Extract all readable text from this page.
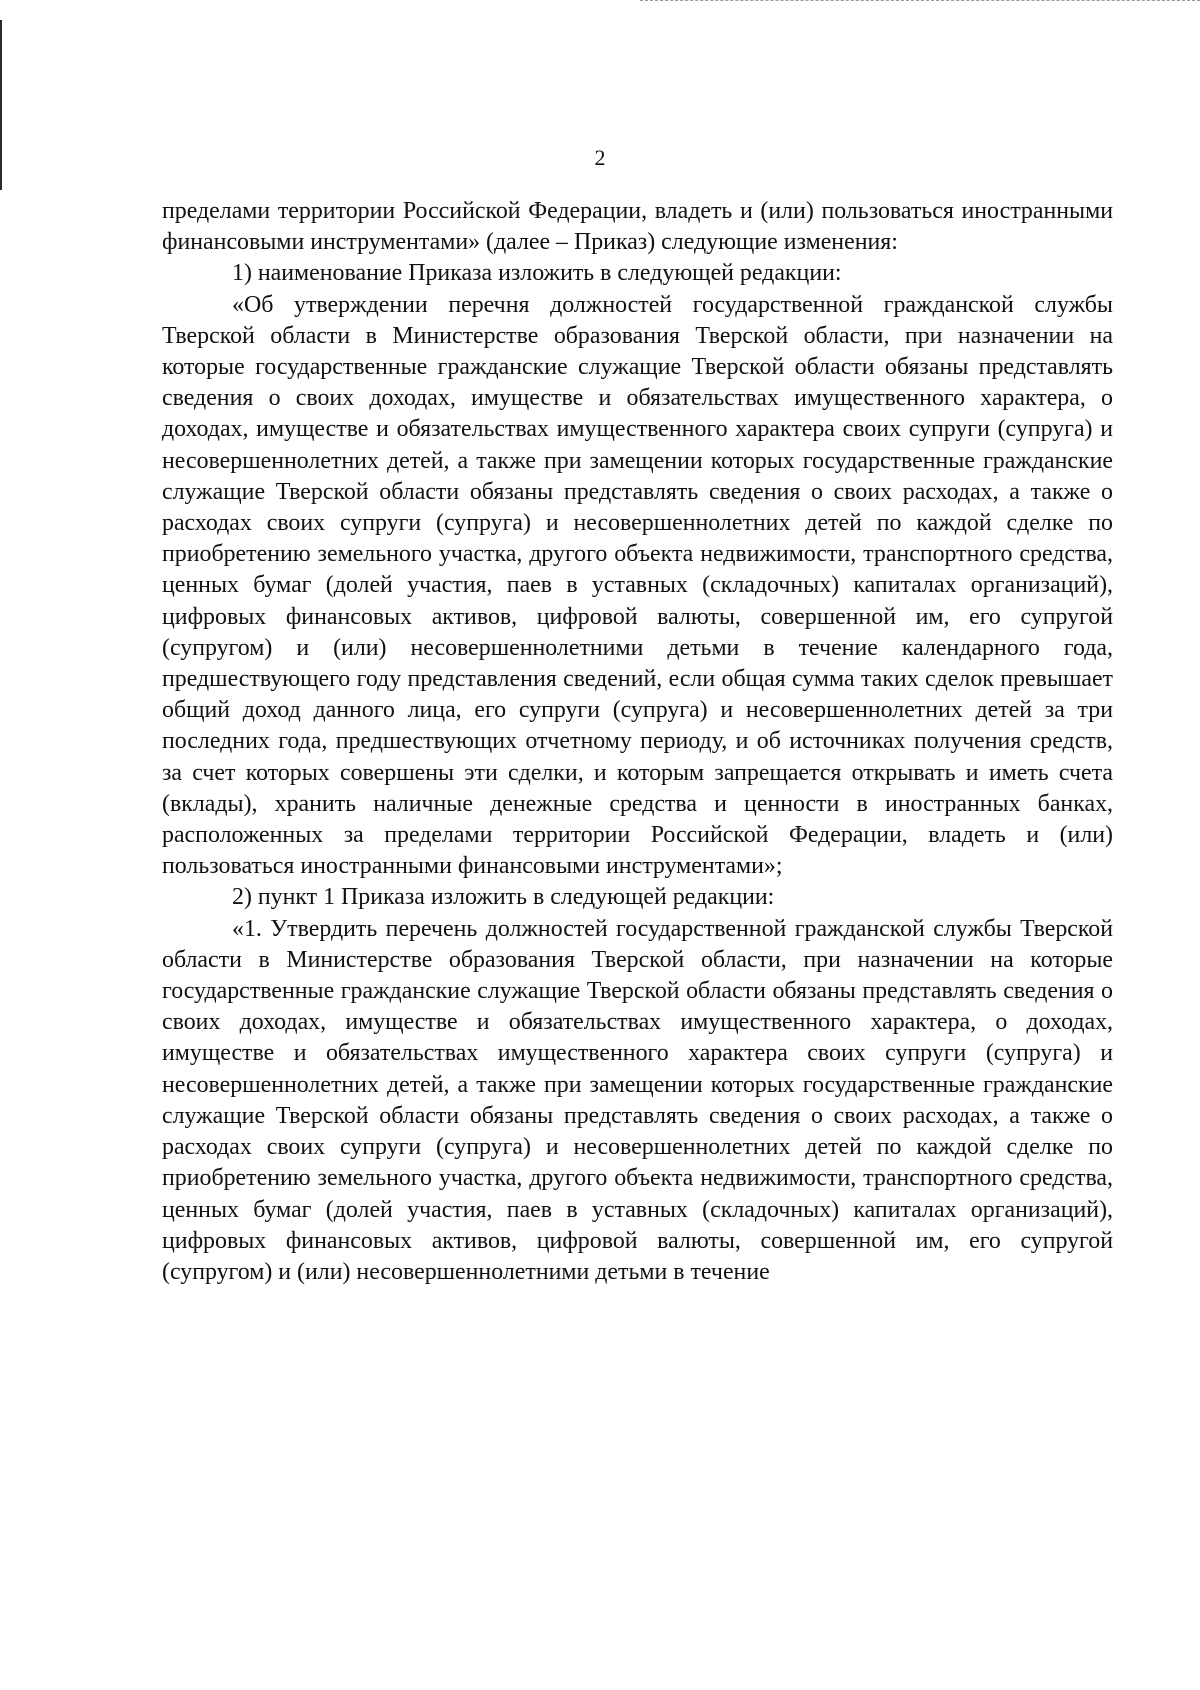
2

пределами территории Российской Федерации, владеть и (или) пользоваться иностранными финансовыми инструментами» (далее – Приказ) следующие изменения:

1) наименование Приказа изложить в следующей редакции:

«Об утверждении перечня должностей государственной гражданской службы Тверской области в Министерстве образования Тверской области, при назначении на которые государственные гражданские служащие Тверской области обязаны представлять сведения о своих доходах, имуществе и обязательствах имущественного характера, о доходах, имуществе и обязательствах имущественного характера своих супруги (супруга) и несовершеннолетних детей, а также при замещении которых государственные гражданские служащие Тверской области обязаны представлять сведения о своих расходах, а также о расходах своих супруги (супруга) и несовершеннолетних детей по каждой сделке по приобретению земельного участка, другого объекта недвижимости, транспортного средства, ценных бумаг (долей участия, паев в уставных (складочных) капиталах организаций), цифровых финансовых активов, цифровой валюты, совершенной им, его супругой (супругом) и (или) несовершеннолетними детьми в течение календарного года, предшествующего году представления сведений, если общая сумма таких сделок превышает общий доход данного лица, его супруги (супруга) и несовершеннолетних детей за три последних года, предшествующих отчетному периоду, и об источниках получения средств, за счет которых совершены эти сделки, и которым запрещается открывать и иметь счета (вклады), хранить наличные денежные средства и ценности в иностранных банках, расположенных за пределами территории Российской Федерации, владеть и (или) пользоваться иностранными финансовыми инструментами»;

2) пункт 1 Приказа изложить в следующей редакции:

«1. Утвердить перечень должностей государственной гражданской службы Тверской области в Министерстве образования Тверской области, при назначении на которые государственные гражданские служащие Тверской области обязаны представлять сведения о своих доходах, имуществе и обязательствах имущественного характера, о доходах, имуществе и обязательствах имущественного характера своих супруги (супруга) и несовершеннолетних детей, а также при замещении которых государственные гражданские служащие Тверской области обязаны представлять сведения о своих расходах, а также о расходах своих супруги (супруга) и несовершеннолетних детей по каждой сделке по приобретению земельного участка, другого объекта недвижимости, транспортного средства, ценных бумаг (долей участия, паев в уставных (складочных) капиталах организаций), цифровых финансовых активов, цифровой валюты, совершенной им, его супругой (супругом) и (или) несовершеннолетними детьми в течение
